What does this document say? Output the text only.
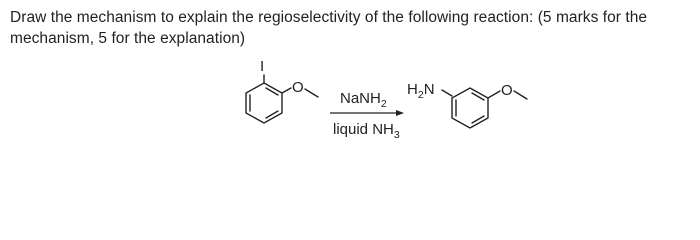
Draw the mechanism to explain the regioselectivity of the following reaction: (5 marks for the mechanism, 5 for the explanation)
I
O
NaNH$_2$
liquid $NH_3$
$H_2N$	O
